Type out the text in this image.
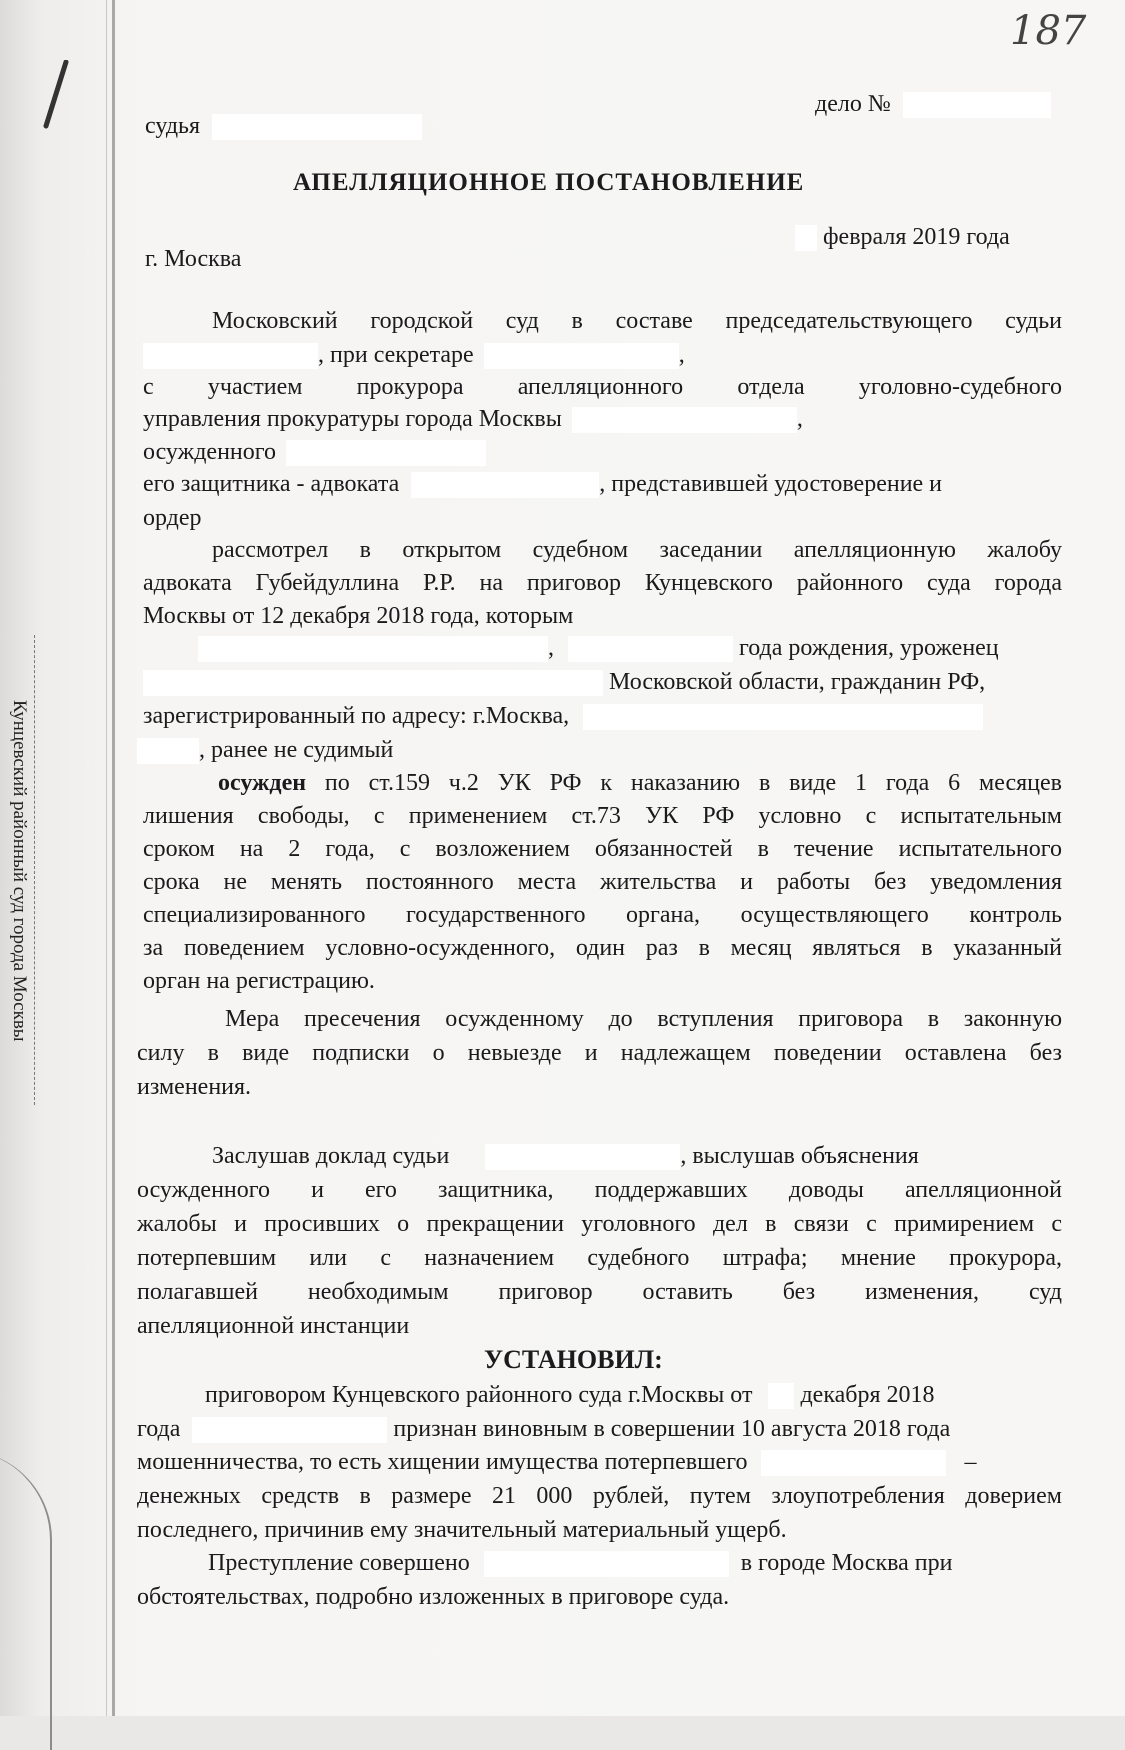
Кунцевский районный суд города Москвы
187
судья
дело №
АПЕЛЛЯЦИОННОЕ ПОСТАНОВЛЕНИЕ
февраля 2019 года
г. Москва
Московский городской суд в составе председательствующего судьи
, при секретаре	,
с участием прокурора апелляционного отдела уголовно-судебного
управления прокуратуры города Москвы	,
осужденного
его защитника - адвоката	, представившей удостоверение и
ордер
рассмотрел в открытом судебном заседании апелляционную жалобу
адвоката Губейдуллина Р.Р. на приговор Кунцевского районного суда города
Москвы от 12 декабря 2018 года, которым
,	года рождения, уроженец
Московской области, гражданин РФ,
зарегистрированный по адресу: г.Москва,
, ранее не судимый
осужден по ст.159 ч.2 УК РФ к наказанию в виде 1 года 6 месяцев
лишения свободы, с применением ст.73 УК РФ условно с испытательным
сроком на 2 года, с возложением обязанностей в течение испытательного
срока не менять постоянного места жительства и работы без уведомления
специализированного государственного органа, осуществляющего контроль
за поведением условно-осужденного, один раз в месяц являться в указанный
орган на регистрацию.
Мера пресечения осужденному до вступления приговора в законную
силу в виде подписки о невыезде и надлежащем поведении оставлена без
изменения.
Заслушав доклад судьи	, выслушав объяснения
осужденного и его защитника, поддержавших доводы апелляционной
жалобы и просивших о прекращении уголовного дел в связи с примирением с
потерпевшим или с назначением судебного штрафа; мнение прокурора,
полагавшей необходимым приговор оставить без изменения, суд
апелляционной инстанции
УСТАНОВИЛ:
приговором Кунцевского районного суда г.Москвы от декабря 2018
года	признан виновным в совершении 10 августа 2018 года
мошенничества, то есть хищении имущества потерпевшего	–
денежных средств в размере 21 000 рублей, путем злоупотребления доверием
последнего, причинив ему значительный материальный ущерб.
Преступление совершено	в городе Москва при
обстоятельствах, подробно изложенных в приговоре суда.
